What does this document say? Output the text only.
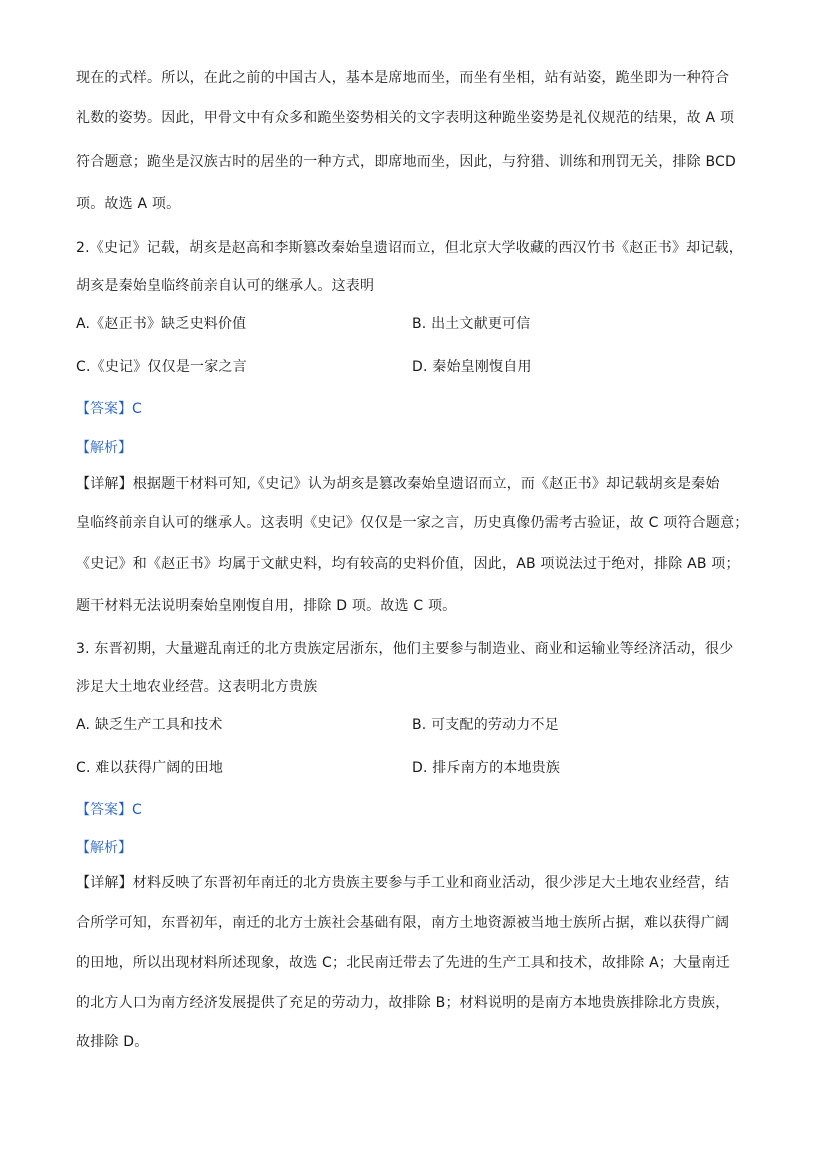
现在的式样。所以，在此之前的中国古人，基本是席地而坐，而坐有坐相，站有站姿，跪坐即为一种符合
礼数的姿势。因此，甲骨文中有众多和跪坐姿势相关的文字表明这种跪坐姿势是礼仪规范的结果，故 A 项
符合题意；跪坐是汉族古时的居坐的一种方式，即席地而坐，因此，与狩猎、训练和刑罚无关，排除 BCD
项。故选 A 项。
2.《史记》记载，胡亥是赵高和李斯篡改秦始皇遗诏而立，但北京大学收藏的西汉竹书《赵正书》却记载，
胡亥是秦始皇临终前亲自认可的继承人。这表明
A.《赵正书》缺乏史料价值	B. 出土文献更可信
C.《史记》仅仅是一家之言	D. 秦始皇刚愎自用
【答案】C
【解析】
【详解】根据题干材料可知,《史记》认为胡亥是篡改秦始皇遗诏而立，而《赵正书》却记载胡亥是秦始
皇临终前亲自认可的继承人。这表明《史记》仅仅是一家之言，历史真像仍需考古验证，故 C 项符合题意；
《史记》和《赵正书》均属于文献史料，均有较高的史料价值，因此，AB 项说法过于绝对，排除 AB 项；
题干材料无法说明秦始皇刚愎自用，排除 D 项。故选 C 项。
3. 东晋初期，大量避乱南迁的北方贵族定居浙东，他们主要参与制造业、商业和运输业等经济活动，很少
涉足大土地农业经营。这表明北方贵族
A. 缺乏生产工具和技术	B. 可支配的劳动力不足
C. 难以获得广阔的田地	D. 排斥南方的本地贵族
【答案】C
【解析】
【详解】材料反映了东晋初年南迁的北方贵族主要参与手工业和商业活动，很少涉足大土地农业经营，结
合所学可知，东晋初年，南迁的北方士族社会基础有限，南方土地资源被当地士族所占据，难以获得广阔
的田地，所以出现材料所述现象，故选 C；北民南迁带去了先进的生产工具和技术，故排除 A；大量南迁
的北方人口为南方经济发展提供了充足的劳动力，故排除 B；材料说明的是南方本地贵族排除北方贵族，
故排除 D。
